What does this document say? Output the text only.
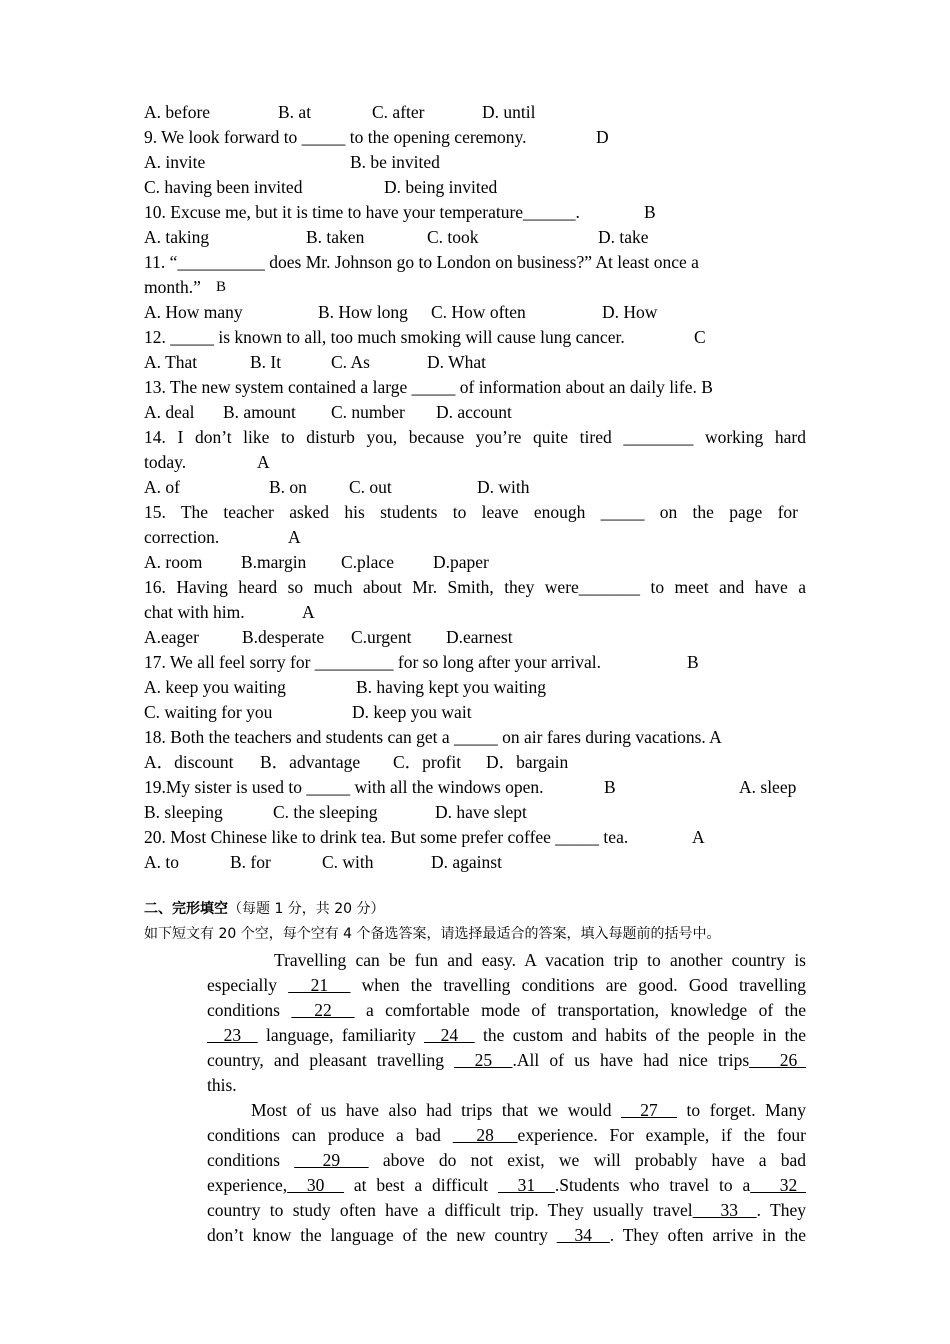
A. before	B. at	C. after	D. until
9. We look forward to _____ to the opening ceremony.	D
A. invite	B. be invited
C. having been invited	D. being invited
10. Excuse me, but it is time to have your temperature______.	B
A. taking	B. taken	C. took	D. take
11. “__________ does Mr. Johnson go to London on business?” At least once a
month.” B
A. How many	B. How long C. How often	D. How
12. _____ is known to all, too much smoking will cause lung cancer.	C
A. That	B. It	C. As	D. What
13. The new system contained a large _____ of information about an daily life. B
A. deal B. amount C. number D. account
14. I don’t like to disturb you, because you’re quite tired ________ working hard
today.	A
A. of	B. on C. out	D. with
15. The teacher asked his students to leave enough _____ on the page for
correction.	A
A. room B.margin C.place D.paper
16. Having heard so much about Mr. Smith, they were_______ to meet and have a
chat with him.	A
A.eager B.desperate C.urgent D.earnest
17. We all feel sorry for _________ for so long after your arrival.	B
A. keep you waiting	B. having kept you waiting
C. waiting for you	D. keep you wait
18. Both the teachers and students can get a _____ on air fares during vacations. A
A．discount B．advantage C．profit D．bargain
19.My sister is used to _____ with all the windows open.	B	A. sleep
B. sleeping	C. the sleeping	D. have slept
20. Most Chinese like to drink tea. But some prefer coffee _____ tea.	A
A. to	B. for	C. with	D. against
二、完形填空（每题 1 分，共 20 分）
如下短文有 20 个空，每个空有 4 个备选答案，请选择最适合的答案，填入每题前的括号中。
Travelling can be fun and easy. A vacation trip to another country is
especially   21   when the travelling conditions are good. Good travelling
conditions   22   a comfortable mode of transportation, knowledge of the
23   language, familiarity   24   the custom and habits of the people in the
country, and pleasant travelling   25  .All of us have had nice trips   26
this.
Most of us have also had trips that we would   27   to forget. Many
conditions can produce a bad   28  experience. For example, if the four
conditions   29   above do not exist, we will probably have a bad
experience,  30   at best a difficult   31  .Students who travel to a   32
country to study often have a difficult trip. They usually travel   33  . They
don’t know the language of the new country   34  . They often arrive in the
